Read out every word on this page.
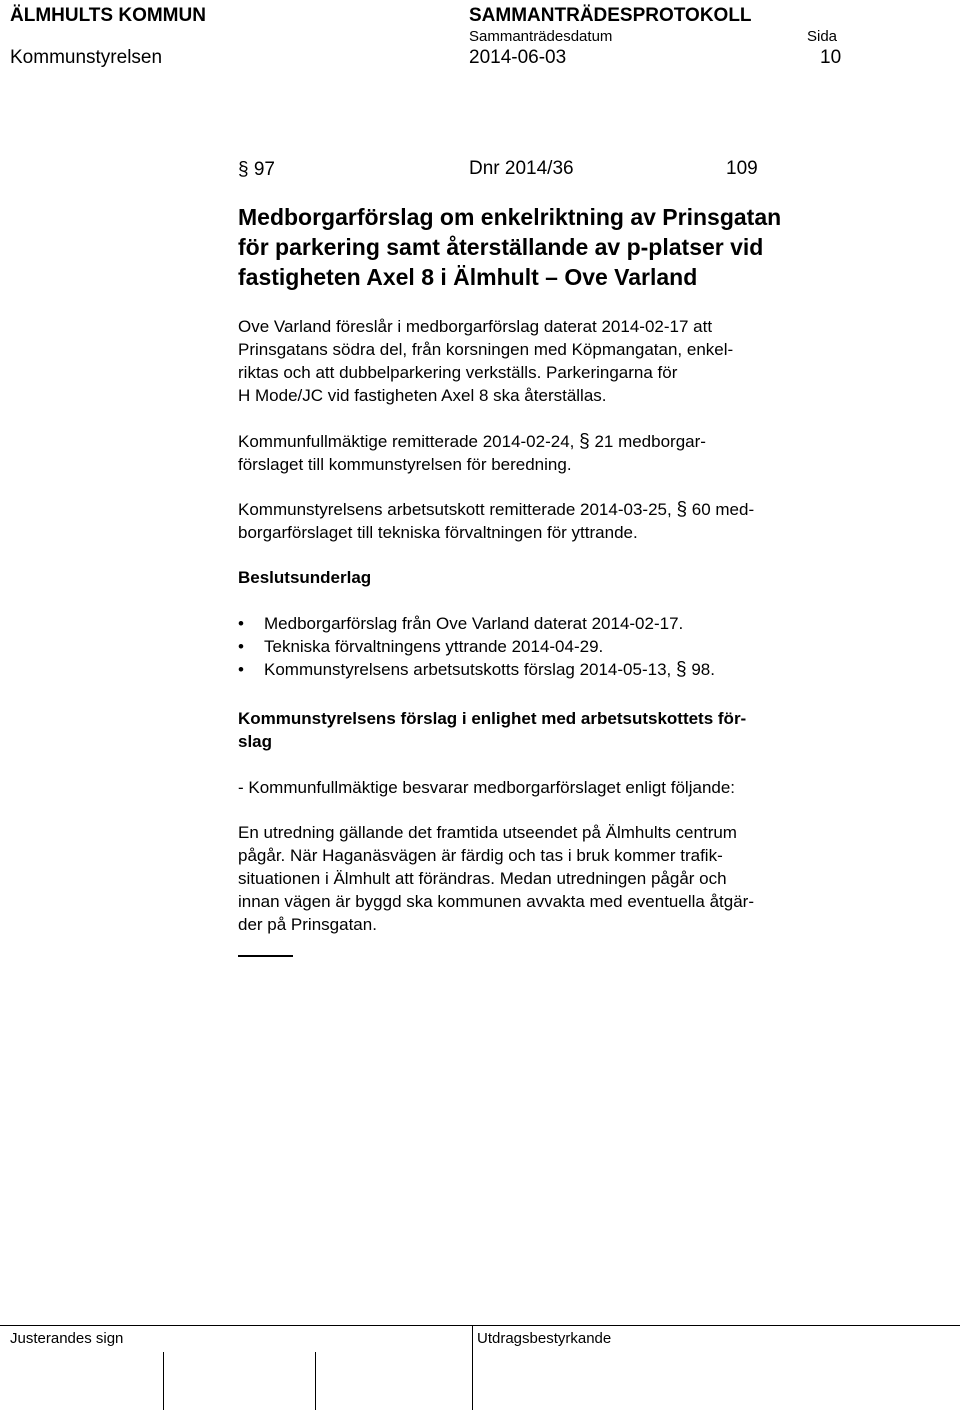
ÄLMHULTS KOMMUN	SAMMANTRÄDESPROTOKOLL
Sammanträdesdatum	Sida
Kommunstyrelsen	2014-06-03	10
§ 97	Dnr 2014/36	109
Medborgarförslag om enkelriktning av Prinsgatan
för parkering samt återställande av p-platser vid
fastigheten Axel 8 i Älmhult – Ove Varland
Ove Varland föreslår i medborgarförslag daterat 2014-02-17 att
Prinsgatans södra del, från korsningen med Köpmangatan, enkel-
riktas och att dubbelparkering verkställs. Parkeringarna för
H Mode/JC vid fastigheten Axel 8 ska återställas.
Kommunfullmäktige remitterade 2014-02-24, § 21 medborgar-
förslaget till kommunstyrelsen för beredning.
Kommunstyrelsens arbetsutskott remitterade 2014-03-25, § 60 med-
borgarförslaget till tekniska förvaltningen för yttrande.
Beslutsunderlag
• Medborgarförslag från Ove Varland daterat 2014-02-17.
• Tekniska förvaltningens yttrande 2014-04-29.
• Kommunstyrelsens arbetsutskotts förslag 2014-05-13, § 98.
Kommunstyrelsens förslag i enlighet med arbetsutskottets för-
slag
- Kommunfullmäktige besvarar medborgarförslaget enligt följande:
En utredning gällande det framtida utseendet på Älmhults centrum
pågår. När Haganäsvägen är färdig och tas i bruk kommer trafik-
situationen i Älmhult att förändras. Medan utredningen pågår och
innan vägen är byggd ska kommunen avvakta med eventuella åtgär-
der på Prinsgatan.
Justerandes sign	Utdragsbestyrkande
